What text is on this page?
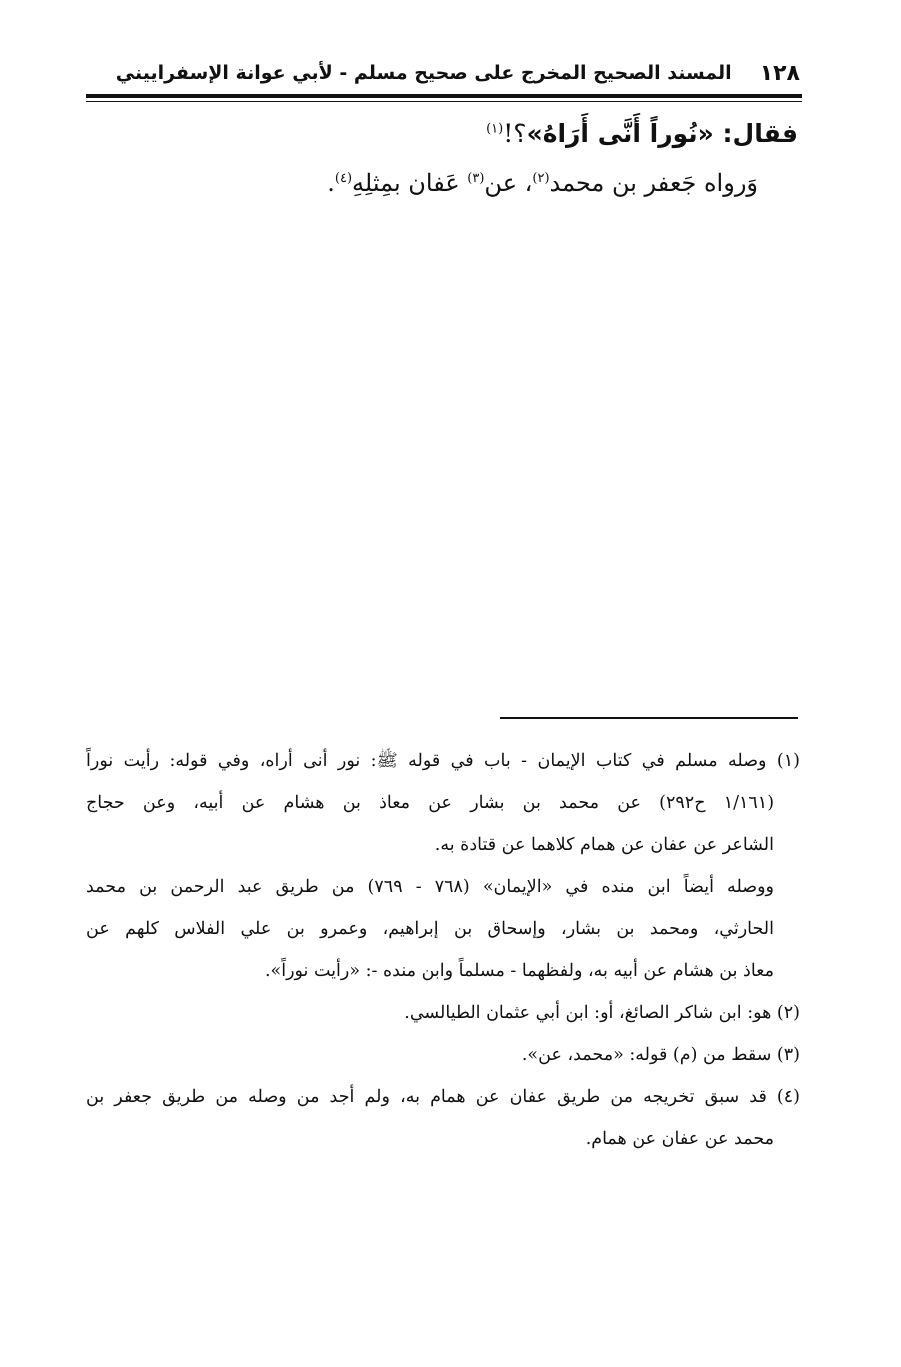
١٢٨
المسند الصحيح المخرج على صحيح مسلم - لأبي عوانة الإسفراييني
فقال: «نُوراً أَنَّى أَرَاهُ»؟!$^{(١)}$
وَرواه جَعفر بن محمد$^{(٢)}$، عن$^{(٣)}$ عَفان بمِثلِهِ$^{(٤)}$.
(١) وصله مسلم في كتاب الإيمان - باب في قوله ﷺ: نور أنى أراه، وفي قوله: رأيت نوراً
(١/١٦١ ح٢٩٢) عن محمد بن بشار عن معاذ بن هشام عن أبيه، وعن حجاج
الشاعر عن عفان عن همام كلاهما عن قتادة به.
ووصله أيضاً ابن منده في «الإيمان» (٧٦٨ - ٧٦٩) من طريق عبد الرحمن بن محمد
الحارثي، ومحمد بن بشار، وإسحاق بن إبراهيم، وعمرو بن علي الفلاس كلهم عن
معاذ بن هشام عن أبيه به، ولفظهما - مسلماً وابن منده -: «رأيت نوراً».
(٢) هو: ابن شاكر الصائغ، أو: ابن أبي عثمان الطيالسي.
(٣) سقط من (م) قوله: «محمد، عن».
(٤) قد سبق تخريجه من طريق عفان عن همام به، ولم أجد من وصله من طريق جعفر بن
محمد عن عفان عن همام.
